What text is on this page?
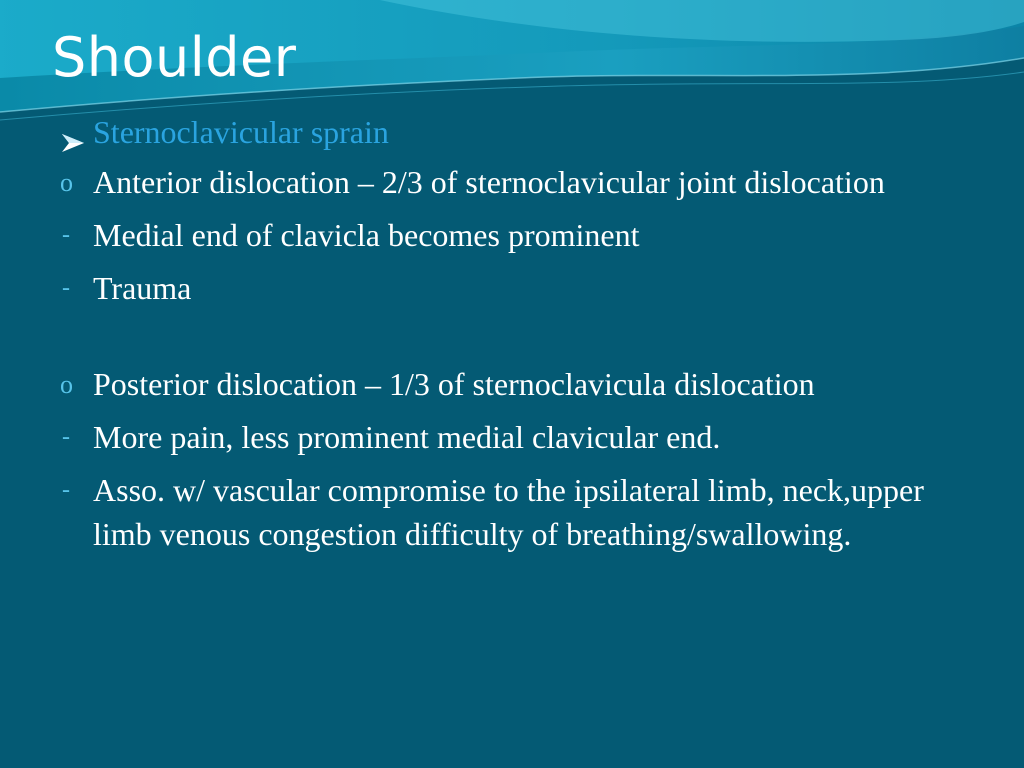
Shoulder
Sternoclavicular sprain
o Anterior dislocation – 2/3 of sternoclavicular joint dislocation
- Medial end of clavicla becomes prominent
- Trauma
o Posterior dislocation – 1/3 of sternoclavicula dislocation
- More pain, less prominent medial clavicular end.
- Asso. w/ vascular compromise to the ipsilateral limb, neck,upper limb venous congestion difficulty of breathing/swallowing.
